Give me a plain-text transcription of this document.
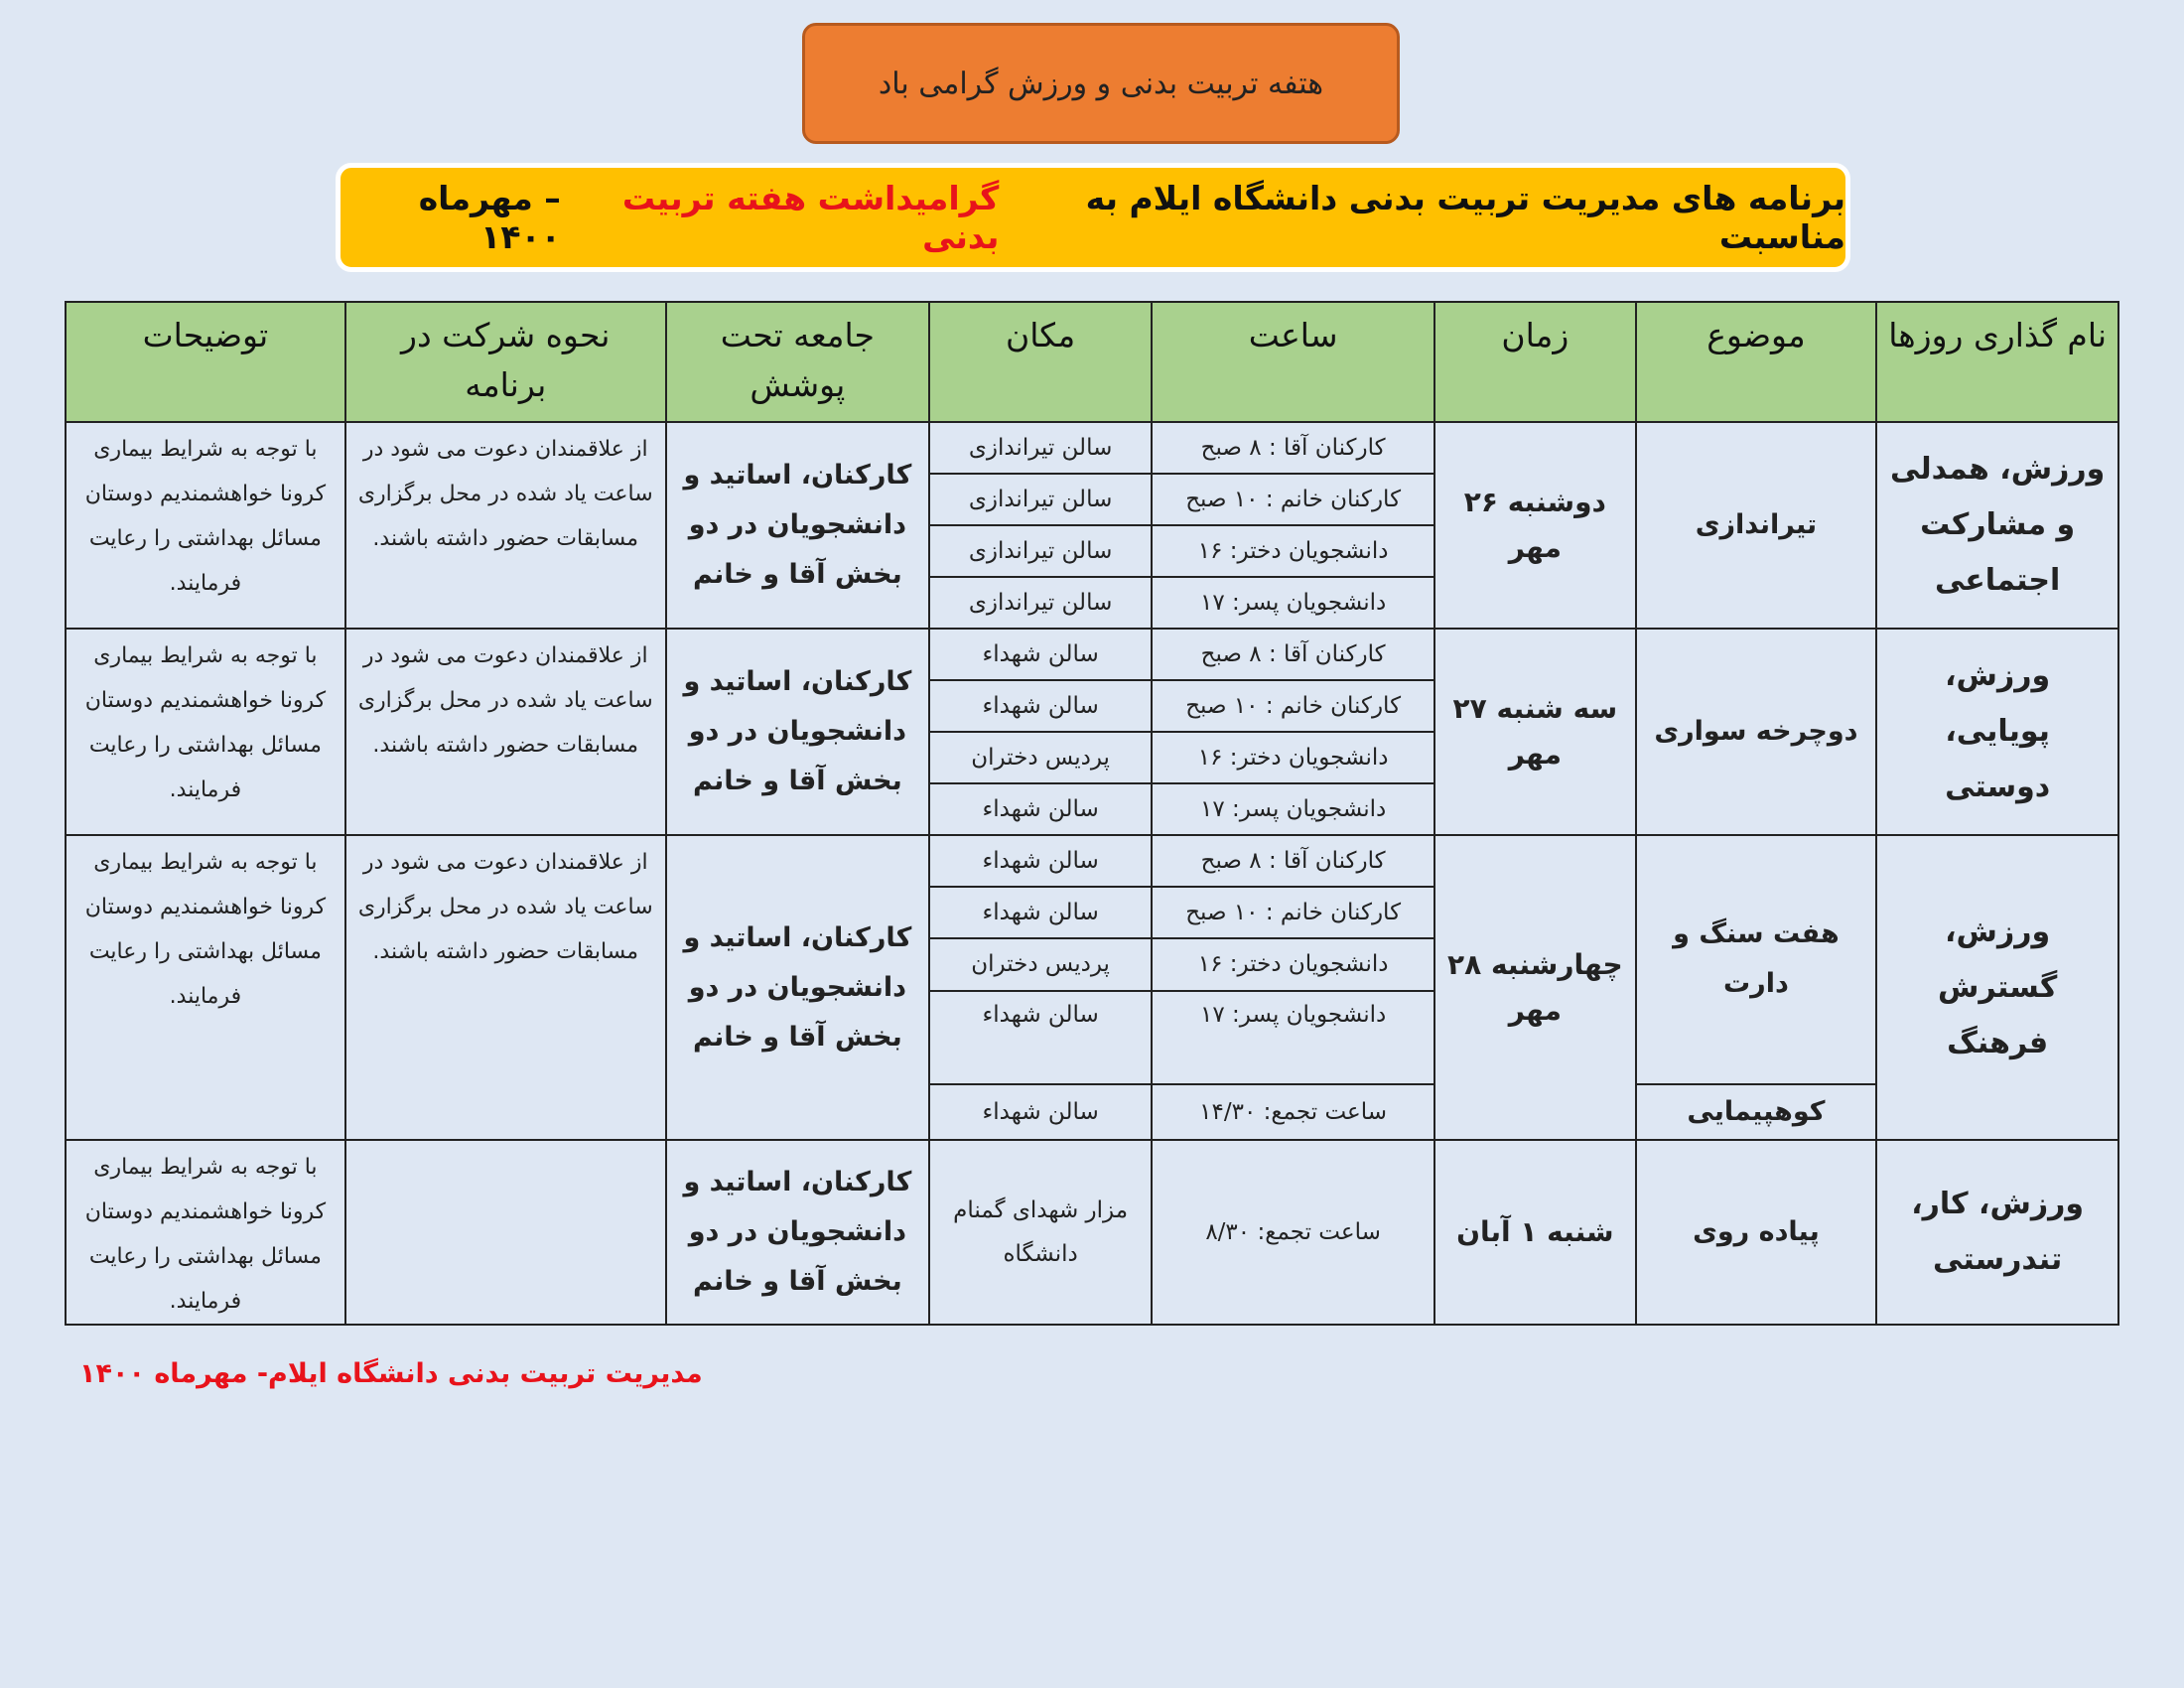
هتفه تربیت بدنی و ورزش گرامی باد
برنامه های مدیریت تربیت بدنی دانشگاه ایلام به مناسبت
گرامیداشت هفته تربیت بدنی
– مهرماه ۱۴۰۰
نام گذاری روزها	موضوع	زمان	ساعت	مکان	جامعه تحت پوشش	نحوه شرکت در برنامه	توضیحات
ورزش، همدلی و مشارکت اجتماعی	تیراندازی	دوشنبه ۲۶ مهر	کارکنان آقا : ۸ صبح	سالن تیراندازی	کارکنان، اساتید و دانشجویان در دو بخش آقا و خانم	از علاقمندان دعوت می شود در ساعت یاد شده در محل برگزاری مسابقات حضور داشته باشند.	با توجه به شرایط بیماری کرونا خواهشمندیم دوستان مسائل بهداشتی را رعایت فرمایند.
			کارکنان خانم : ۱۰ صبح	سالن تیراندازی			
			دانشجویان دختر: ۱۶	سالن تیراندازی			
			دانشجویان پسر: ۱۷	سالن تیراندازی			
ورزش، پویایی، دوستی	دوچرخه سواری	سه شنبه ۲۷ مهر	کارکنان آقا : ۸ صبح	سالن شهداء	کارکنان، اساتید و دانشجویان در دو بخش آقا و خانم	از علاقمندان دعوت می شود در ساعت یاد شده در محل برگزاری مسابقات حضور داشته باشند.	با توجه به شرایط بیماری کرونا خواهشمندیم دوستان مسائل بهداشتی را رعایت فرمایند.
			کارکنان خانم : ۱۰ صبح	سالن شهداء			
			دانشجویان دختر: ۱۶	پردیس دختران			
			دانشجویان پسر: ۱۷	سالن شهداء			
ورزش، گسترش فرهنگ	هفت سنگ و دارت	چهارشنبه ۲۸ مهر	کارکنان آقا : ۸ صبح	سالن شهداء	کارکنان، اساتید و دانشجویان در دو بخش آقا و خانم	از علاقمندان دعوت می شود در ساعت یاد شده در محل برگزاری مسابقات حضور داشته باشند.	با توجه به شرایط بیماری کرونا خواهشمندیم دوستان مسائل بهداشتی را رعایت فرمایند.
			کارکنان خانم : ۱۰ صبح	سالن شهداء			
			دانشجویان دختر: ۱۶	پردیس دختران			
			دانشجویان پسر: ۱۷	سالن شهداء			
	کوهپیمایی		ساعت تجمع: ۱۴/۳۰	سالن شهداء			
ورزش، کار، تندرستی	پیاده روی	شنبه ۱ آبان	ساعت تجمع: ۸/۳۰	مزار شهدای گمنام دانشگاه	کارکنان، اساتید و دانشجویان در دو بخش آقا و خانم		با توجه به شرایط بیماری کرونا خواهشمندیم دوستان مسائل بهداشتی را رعایت فرمایند.
مدیریت تربیت بدنی دانشگاه ایلام- مهرماه ۱۴۰۰
